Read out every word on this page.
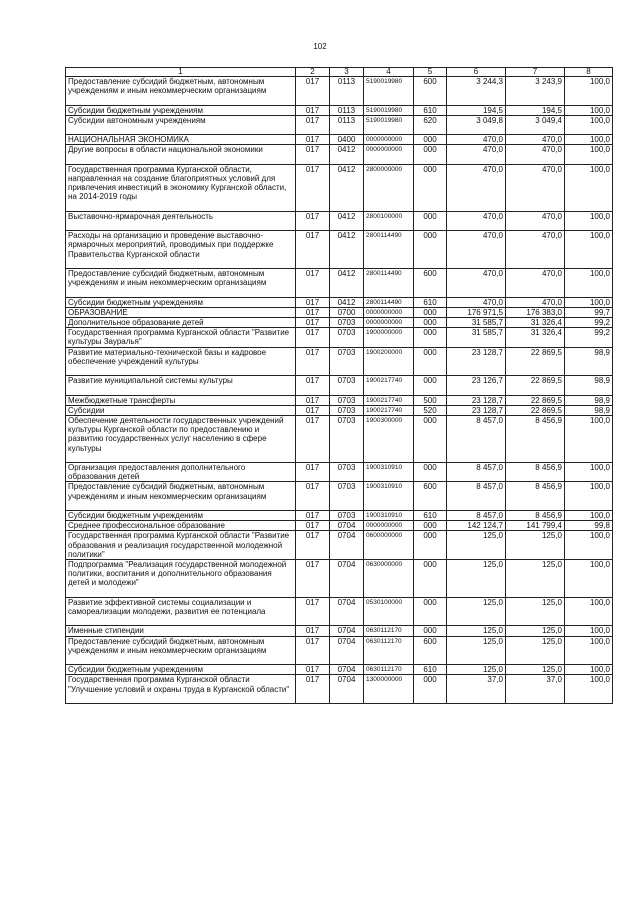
102
1	2	3	4	5	6	7	8
Предоставление субсидий бюджетным, автономным учреждениям и иным некоммерческим организациям	017	0113	5190019980	600	3 244,3	3 243,9	100,0
Субсидии бюджетным учреждениям	017	0113	5190019980	610	194,5	194,5	100,0
Субсидии автономным учреждениям	017	0113	5190019980	620	3 049,8	3 049,4	100,0
НАЦИОНАЛЬНАЯ ЭКОНОМИКА	017	0400	0000000000	000	470,0	470,0	100,0
Другие вопросы в области национальной экономики	017	0412	0000000000	000	470,0	470,0	100,0
Государственная программа Курганской области, направленная на создание благоприятных условий для привлечения инвестиций в экономику Курганской области, на 2014-2019 годы	017	0412	2800000000	000	470,0	470,0	100,0
Выставочно-ярмарочная деятельность	017	0412	2800100000	000	470,0	470,0	100,0
Расходы на организацию и проведение выставочно-ярмарочных мероприятий, проводимых при поддержке Правительства Курганской области	017	0412	2800114490	000	470,0	470,0	100,0
Предоставление субсидий бюджетным, автономным учреждениям и иным некоммерческим организациям	017	0412	2800114490	600	470,0	470,0	100,0
Субсидии бюджетным учреждениям	017	0412	2800114490	610	470,0	470,0	100,0
ОБРАЗОВАНИЕ	017	0700	0000000000	000	176 971,5	176 383,0	99,7
Дополнительное образование детей	017	0703	0000000000	000	31 585,7	31 326,4	99,2
Государственная программа Курганской области "Развитие культуры Зауралья"	017	0703	1900000000	000	31 585,7	31 326,4	99,2
Развитие материально-технической базы и кадровое обеспечение учреждений культуры	017	0703	1900200000	000	23 128,7	22 869,5	98,9
Развитие муниципальной системы культуры	017	0703	1900217740	000	23 126,7	22 869,5	98,9
Межбюджетные трансферты	017	0703	1900217740	500	23 128,7	22 869,5	98,9
Субсидии	017	0703	1900217740	520	23 128,7	22 869,5	98,9
Обеспечение деятельности государственных учреждений культуры Курганской области по предоставлению и развитию государственных услуг населению в сфере культуры	017	0703	1900300000	000	8 457,0	8 456,9	100,0
Организация предоставления дополнительного образования детей	017	0703	1900310910	000	8 457,0	8 456,9	100,0
Предоставление субсидий бюджетным, автономным учреждениям и иным некоммерческим организациям	017	0703	1900310910	600	8 457,0	8 456,9	100,0
Субсидии бюджетным учреждениям	017	0703	1900310910	610	8 457,0	8 456,9	100,0
Среднее профессиональное образование	017	0704	0000000000	000	142 124,7	141 799,4	99,8
Государственная программа Курганской области "Развитие образования и реализация государственной молодежной политики"	017	0704	0600000000	000	125,0	125,0	100,0
Подпрограмма "Реализация государственной молодежной политики, воспитания и дополнительного образования детей и молодежи"	017	0704	0630000000	000	125,0	125,0	100,0
Развитие эффективной системы социализации и самореализации молодежи, развития ее потенциала	017	0704	0530100000	000	125,0	125,0	100,0
Именные стипендии	017	0704	0630112170	000	125,0	125,0	100,0
Предоставление субсидий бюджетным, автономным учреждениям и иным некоммерческим организациям	017	0704	0630112170	600	125,0	125,0	100,0
Субсидии бюджетным учреждениям	017	0704	0630112170	610	125,0	125,0	100,0
Государственная программа Курганской области "Улучшение условий и охраны труда в Курганской области"	017	0704	1300000000	000	37,0	37,0	100,0
